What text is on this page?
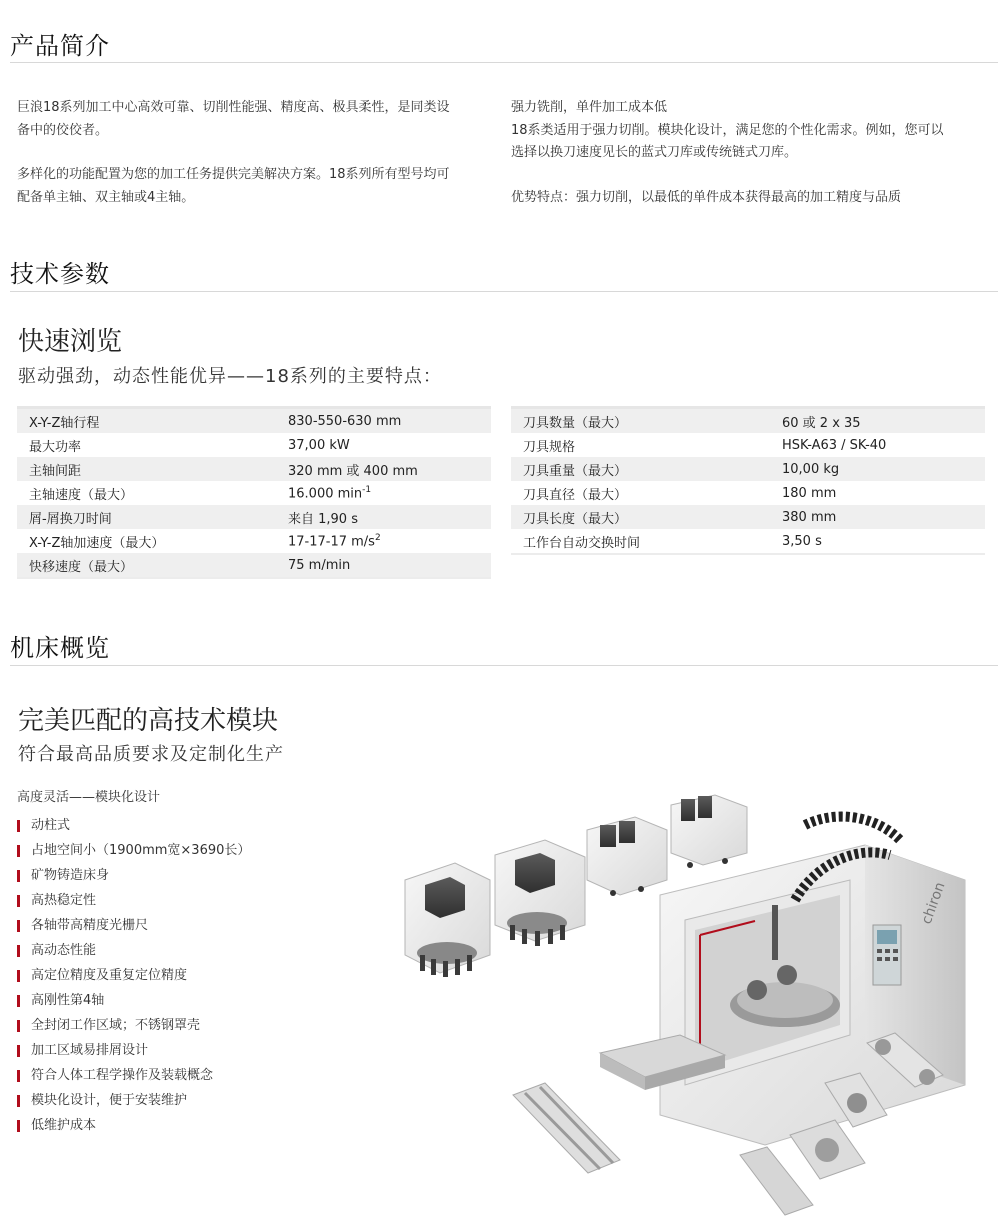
产品简介
巨浪18系列加工中心高效可靠、切削性能强、精度高、极具柔性，是同类设
备中的佼佼者。
多样化的功能配置为您的加工任务提供完美解决方案。18系列所有型号均可
配备单主轴、双主轴或4主轴。
强力铣削，单件加工成本低
18系类适用于强力切削。模块化设计，满足您的个性化需求。例如，您可以
选择以换刀速度见长的蓝式刀库或传统链式刀库。
优势特点：强力切削，以最低的单件成本获得最高的加工精度与品质
技术参数
快速浏览
驱动强劲，动态性能优异——18系列的主要特点：
X-Y-Z轴行程	830-550-630 mm
最大功率	37,00 kW
主轴间距	320 mm 或 400 mm
主轴速度（最大）	16.000 $\min^{-1}$
屑-屑换刀时间	来自 1,90 s
X-Y-Z轴加速度（最大）	17-17-17 $m/s^2$
快移速度（最大）	75 m/min
刀具数量（最大）	60 或 2 x 35
刀具规格	HSK-A63 / SK-40
刀具重量（最大）	10,00 kg
刀具直径（最大）	180 mm
刀具长度（最大）	380 mm
工作台自动交换时间	3,50 s
机床概览
完美匹配的高技术模块
符合最高品质要求及定制化生产
高度灵活——模块化设计
动柱式
占地空间小（1900mm宽×3690长）
矿物铸造床身
高热稳定性
各轴带高精度光栅尺
高动态性能
高定位精度及重复定位精度
高刚性第4轴
全封闭工作区域；不锈钢罩壳
加工区域易排屑设计
符合人体工程学操作及装载概念
模块化设计，便于安装维护
低维护成本
chiron
